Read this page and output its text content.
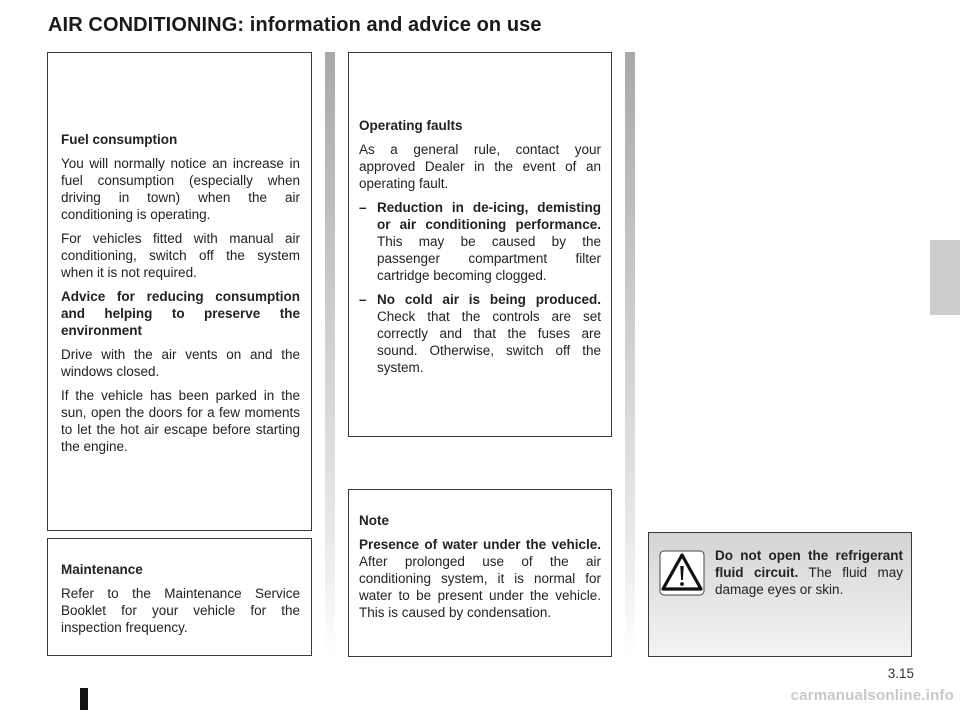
AIR CONDITIONING: information and advice on use

Fuel consumption

You will normally notice an increase in fuel consumption (especially when driving in town) when the air conditioning is operating.

For vehicles fitted with manual air conditioning, switch off the system when it is not required.

Advice for reducing consumption and helping to preserve the environment

Drive with the air vents on and the windows closed.

If the vehicle has been parked in the sun, open the doors for a few moments to let the hot air escape before starting the engine.

Maintenance

Refer to the Maintenance Service Booklet for your vehicle for the inspection frequency.

Operating faults

As a general rule, contact your approved Dealer in the event of an operating fault.

– Reduction in de-icing, demisting or air conditioning performance. This may be caused by the passenger compartment filter cartridge becoming clogged.
– No cold air is being produced. Check that the controls are set correctly and that the fuses are sound. Otherwise, switch off the system.

Note

Presence of water under the vehicle. After prolonged use of the air conditioning system, it is normal for water to be present under the vehicle. This is caused by condensation.

Do not open the refrigerant fluid circuit. The fluid may damage eyes or skin.

3.15
carmanualsonline.info
